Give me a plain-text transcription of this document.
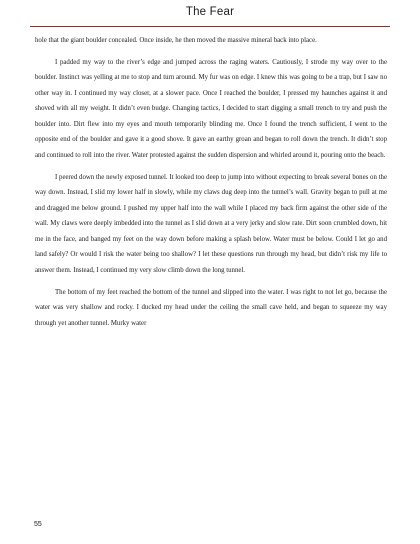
The Fear

hole that the giant boulder concealed. Once inside, he then moved the massive mineral back into place.

I padded my way to the river’s edge and jumped across the raging waters. Cautiously, I strode my way over to the boulder. Instinct was yelling at me to stop and turn around. My fur was on edge. I knew this was going to be a trap, but I saw no other way in. I continued my way closer, at a slower pace. Once I reached the boulder, I pressed my haunches against it and shoved with all my weight. It didn’t even budge. Changing tactics, I decided to start digging a small trench to try and push the boulder into. Dirt flew into my eyes and mouth temporarily blinding me. Once I found the trench sufficient, I went to the opposite end of the boulder and gave it a good shove. It gave an earthy groan and began to roll down the trench. It didn’t stop and continued to roll into the river. Water protested against the sudden dispersion and whirled around it, pouring onto the beach.

I peered down the newly exposed tunnel. It looked too deep to jump into without expecting to break several bones on the way down. Instead, I slid my lower half in slowly, while my claws dug deep into the tunnel’s wall. Gravity began to pull at me and dragged me below ground. I pushed my upper half into the wall while I placed my back firm against the other side of the wall. My claws were deeply imbedded into the tunnel as I slid down at a very jerky and slow rate. Dirt soon crumbled down, hit me in the face, and banged my feet on the way down before making a splash below. Water must be below. Could I let go and land safely? Or would I risk the water being too shallow? I let these questions run through my head, but didn’t risk my life to answer them. Instead, I continued my very slow climb down the long tunnel.

The bottom of my feet reached the bottom of the tunnel and slipped into the water. I was right to not let go, because the water was very shallow and rocky. I ducked my head under the ceiling the small cave held, and began to squeeze my way through yet another tunnel. Murky water

55
